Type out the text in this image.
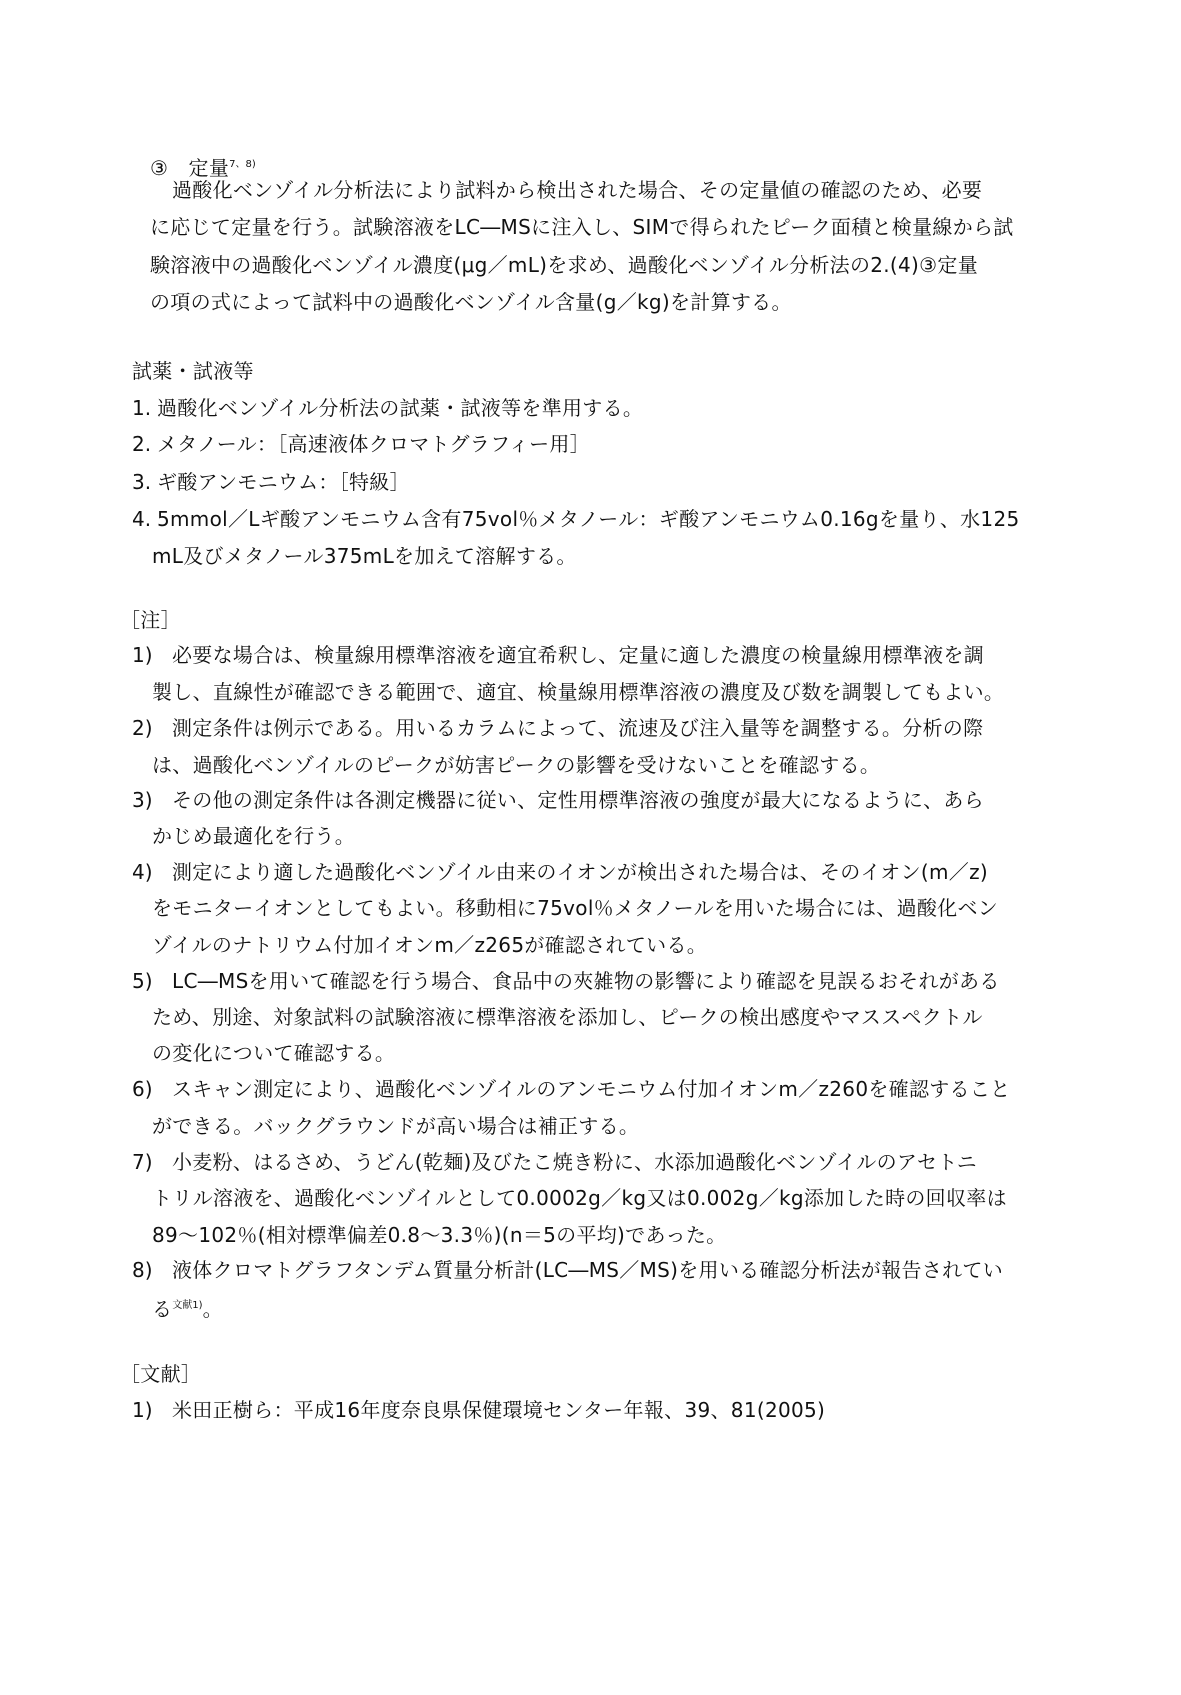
③　定量$^{7、8)}$
過酸化ベンゾイル分析法により試料から検出された場合、その定量値の確認のため、必要
に応じて定量を行う。試験溶液をLC―MSに注入し、SIMで得られたピーク面積と検量線から試
験溶液中の過酸化ベンゾイル濃度(μg／mL)を求め、過酸化ベンゾイル分析法の2.(4)③定量
の項の式によって試料中の過酸化ベンゾイル含量(g／kg)を計算する。
試薬・試液等
1. 過酸化ベンゾイル分析法の試薬・試液等を準用する。
2. メタノール：［高速液体クロマトグラフィー用］
3. ギ酸アンモニウム：［特級］
4. 5mmol／Lギ酸アンモニウム含有75vol％メタノール：ギ酸アンモニウム0.16gを量り、水125
mL及びメタノール375mLを加えて溶解する。
［注］
1) 必要な場合は、検量線用標準溶液を適宜希釈し、定量に適した濃度の検量線用標準液を調
製し、直線性が確認できる範囲で、適宜、検量線用標準溶液の濃度及び数を調製してもよい。
2) 測定条件は例示である。用いるカラムによって、流速及び注入量等を調整する。分析の際
は、過酸化ベンゾイルのピークが妨害ピークの影響を受けないことを確認する。
3) その他の測定条件は各測定機器に従い、定性用標準溶液の強度が最大になるように、あら
かじめ最適化を行う。
4) 測定により適した過酸化ベンゾイル由来のイオンが検出された場合は、そのイオン(m／z)
をモニターイオンとしてもよい。移動相に75vol％メタノールを用いた場合には、過酸化ベン
ゾイルのナトリウム付加イオンm／z265が確認されている。
5) LC―MSを用いて確認を行う場合、食品中の夾雑物の影響により確認を見誤るおそれがある
ため、別途、対象試料の試験溶液に標準溶液を添加し、ピークの検出感度やマススペクトル
の変化について確認する。
6) スキャン測定により、過酸化ベンゾイルのアンモニウム付加イオンm／z260を確認すること
ができる。バックグラウンドが高い場合は補正する。
7) 小麦粉、はるさめ、うどん(乾麺)及びたこ焼き粉に、水添加過酸化ベンゾイルのアセトニ
トリル溶液を、過酸化ベンゾイルとして0.0002g／kg又は0.002g／kg添加した時の回収率は
89～102％(相対標準偏差0.8～3.3％)(n＝5の平均)であった。
8) 液体クロマトグラフタンデム質量分析計(LC―MS／MS)を用いる確認分析法が報告されてい
る$^{文献1)}$。
［文献］
1) 米田正樹ら：平成16年度奈良県保健環境センター年報、39、81(2005)
